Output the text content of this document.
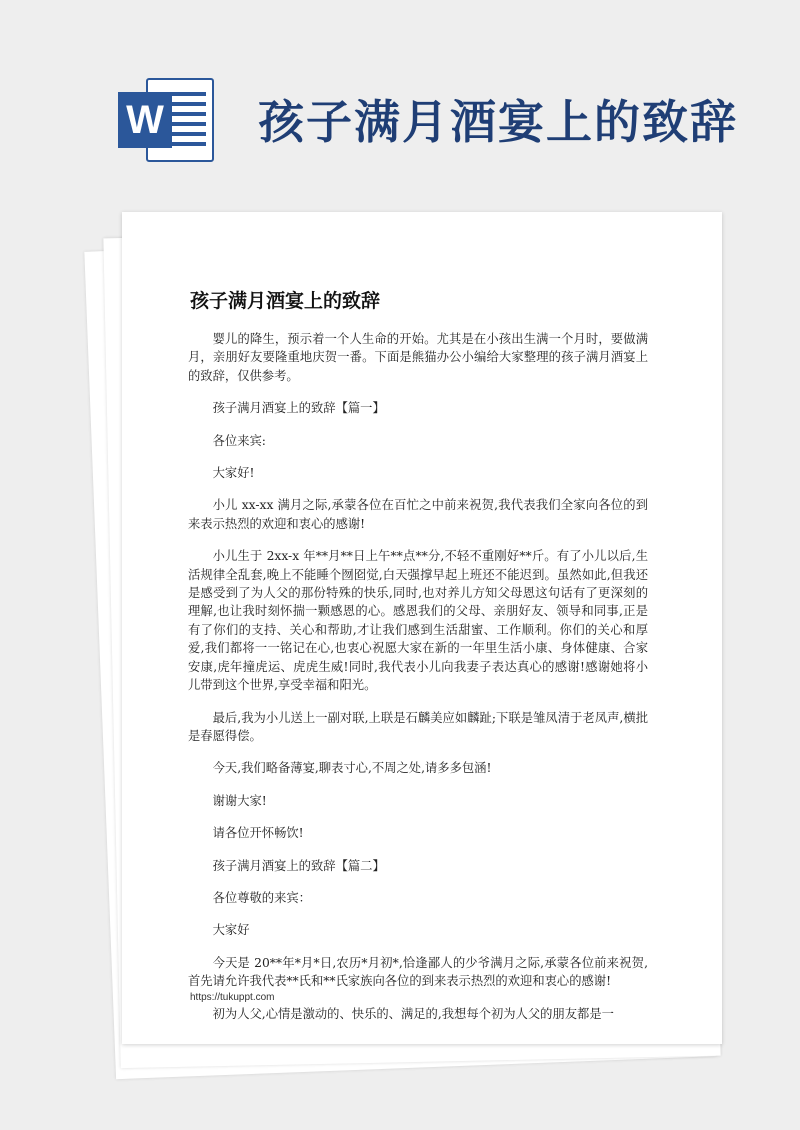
W 孩子满月酒宴上的致辞
孩子满月酒宴上的致辞

婴儿的降生，预示着一个人生命的开始。尤其是在小孩出生满一个月时，要做满月，亲朋好友要隆重地庆贺一番。下面是熊猫办公小编给大家整理的孩子满月酒宴上的致辞，仅供参考。

孩子满月酒宴上的致辞【篇一】

各位来宾:

大家好!

小儿 xx-xx 满月之际,承蒙各位在百忙之中前来祝贺,我代表我们全家向各位的到来表示热烈的欢迎和衷心的感谢!

小儿生于 2xx-x 年**月**日上午**点**分,不轻不重刚好**斤。有了小儿以后,生活规律全乱套,晚上不能睡个囫囵觉,白天强撑早起上班还不能迟到。虽然如此,但我还是感受到了为人父的那份特殊的快乐,同时,也对养儿方知父母恩这句话有了更深刻的理解,也让我时刻怀揣一颗感恩的心。感恩我们的父母、亲朋好友、领导和同事,正是有了你们的支持、关心和帮助,才让我们感到生活甜蜜、工作顺利。你们的关心和厚爱,我们都将一一铭记在心,也衷心祝愿大家在新的一年里生活小康、身体健康、合家安康,虎年撞虎运、虎虎生威!同时,我代表小儿向我妻子表达真心的感谢!感谢她将小儿带到这个世界,享受幸福和阳光。

最后,我为小儿送上一副对联,上联是石麟美应如麟趾;下联是雏凤清于老凤声,横批是春愿得偿。

今天,我们略备薄宴,聊表寸心,不周之处,请多多包涵!

谢谢大家!

请各位开怀畅饮!

孩子满月酒宴上的致辞【篇二】

各位尊敬的来宾：

大家好

今天是 20**年*月*日,农历*月初*,恰逢鄙人的少爷满月之际,承蒙各位前来祝贺,首先请允许我代表**氏和**氏家族向各位的到来表示热烈的欢迎和衷心的感谢!

初为人父,心情是激动的、快乐的、满足的,我想每个初为人父的朋友都是一

https://tukuppt.com
